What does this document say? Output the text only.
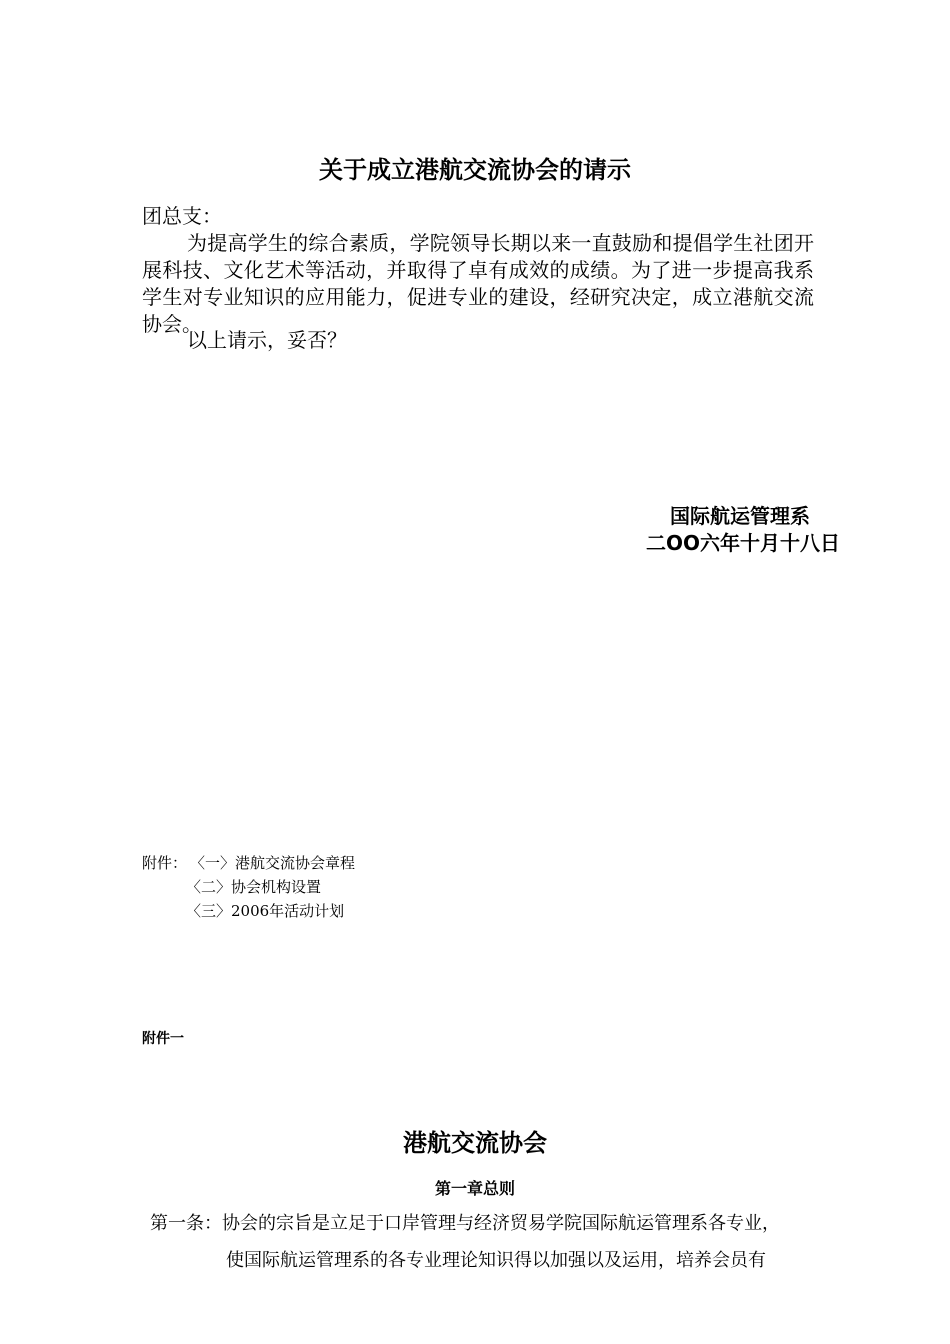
关于成立港航交流协会的请示
团总支：
为提高学生的综合素质，学院领导长期以来一直鼓励和提倡学生社团开展科技、文化艺术等活动，并取得了卓有成效的成绩。为了进一步提高我系学生对专业知识的应用能力，促进专业的建设，经研究决定，成立港航交流协会。
以上请示，妥否？
国际航运管理系
二OO六年十月十八日
附件： 〈一〉港航交流协会章程
〈二〉协会机构设置
〈三〉2006年活动计划
附件一
港航交流协会
第一章总则
第一条：协会的宗旨是立足于口岸管理与经济贸易学院国际航运管理系各专业，
使国际航运管理系的各专业理论知识得以加强以及运用，培养会员有
